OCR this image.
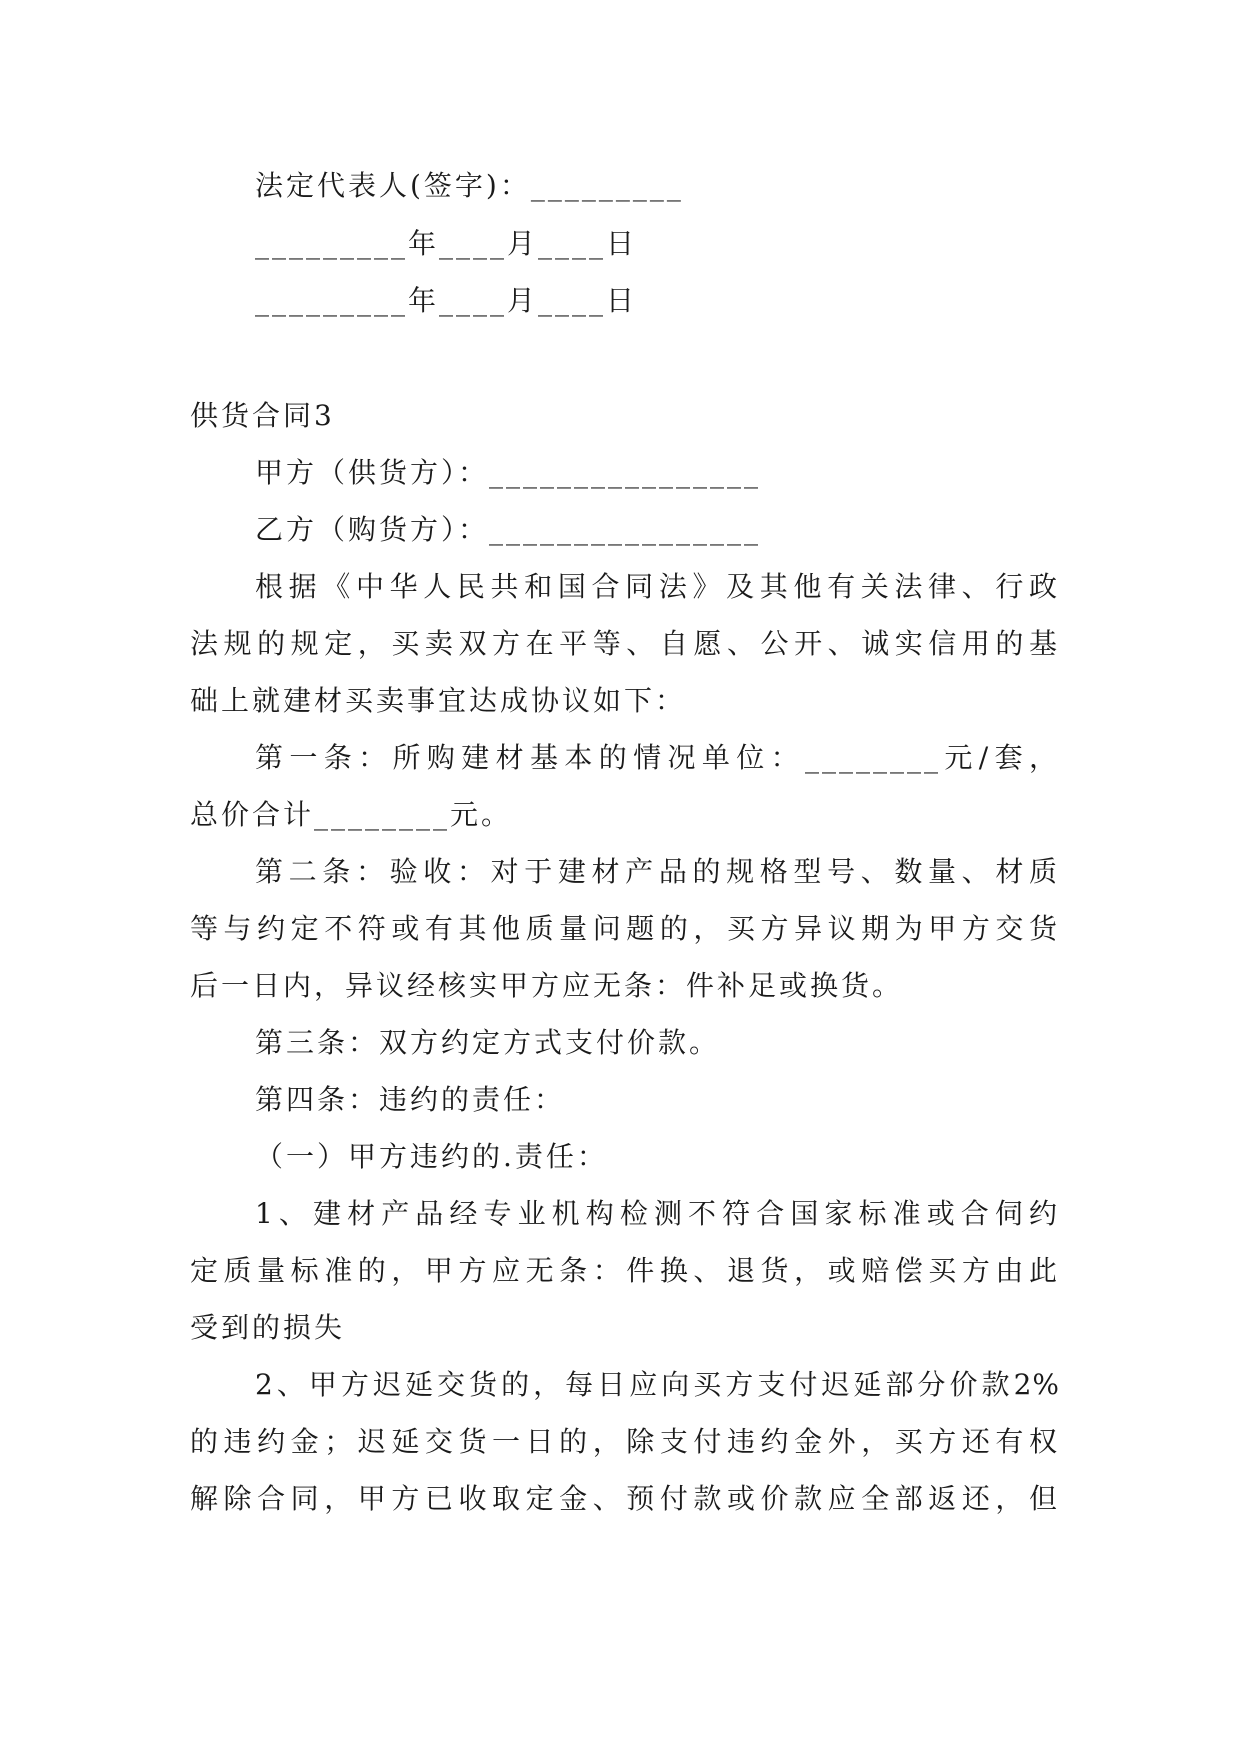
法定代表人(签字)：_________
_________年____月____日
_________年____月____日
供货合同3
甲方（供货方）：________________
乙方（购货方）：________________
根据《中华人民共和国合同法》及其他有关法律、行政
法规的规定，买卖双方在平等、自愿、公开、诚实信用的基
础上就建材买卖事宜达成协议如下：
第一条：所购建材基本的情况单位：________元/套，
总价合计________元。
第二条：验收：对于建材产品的规格型号、数量、材质
等与约定不符或有其他质量问题的，买方异议期为甲方交货
后一日内，异议经核实甲方应无条：件补足或换货。
第三条：双方约定方式支付价款。
第四条：违约的责任：
（一）甲方违约的.责任：
1、建材产品经专业机构检测不符合国家标准或合伺约
定质量标准的，甲方应无条：件换、退货，或赔偿买方由此
受到的损失
2、甲方迟延交货的，每日应向买方支付迟延部分价款2%
的违约金；迟延交货一日的，除支付违约金外，买方还有权
解除合同，甲方已收取定金、预付款或价款应全部返还，但
